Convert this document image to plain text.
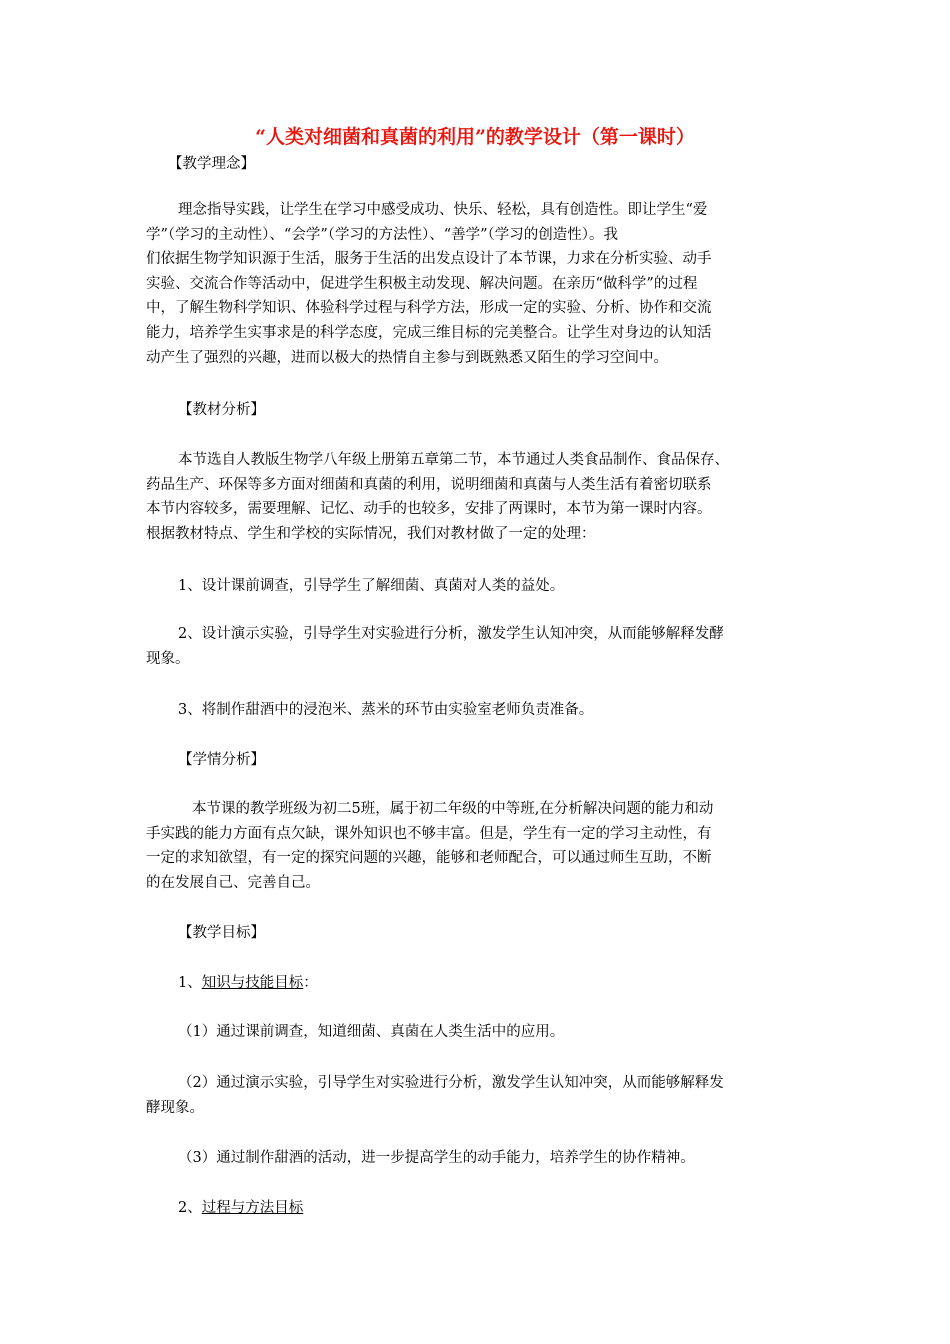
“人类对细菌和真菌的利用”的教学设计（第一课时）
【教学理念】
理念指导实践，让学生在学习中感受成功、快乐、轻松，具有创造性。即让学生“爱
学”（学习的主动性）、“会学”（学习的方法性）、“善学”（学习的创造性）。我
们依据生物学知识源于生活，服务于生活的出发点设计了本节课，力求在分析实验、动手
实验、交流合作等活动中，促进学生积极主动发现、解决问题。在亲历“做科学”的过程
中，了解生物科学知识、体验科学过程与科学方法，形成一定的实验、分析、协作和交流
能力，培养学生实事求是的科学态度，完成三维目标的完美整合。让学生对身边的认知活
动产生了强烈的兴趣，进而以极大的热情自主参与到既熟悉又陌生的学习空间中。
【教材分析】
本节选自人教版生物学八年级上册第五章第二节，本节通过人类食品制作、食品保存、
药品生产、环保等多方面对细菌和真菌的利用，说明细菌和真菌与人类生活有着密切联系
本节内容较多，需要理解、记忆、动手的也较多，安排了两课时，本节为第一课时内容。
根据教材特点、学生和学校的实际情况，我们对教材做了一定的处理：
1、设计课前调查，引导学生了解细菌、真菌对人类的益处。
2、设计演示实验，引导学生对实验进行分析，激发学生认知冲突，从而能够解释发酵
现象。
3、将制作甜酒中的浸泡米、蒸米的环节由实验室老师负责准备。
【学情分析】
本节课的教学班级为初二5班，属于初二年级的中等班,在分析解决问题的能力和动
手实践的能力方面有点欠缺，课外知识也不够丰富。但是，学生有一定的学习主动性，有
一定的求知欲望，有一定的探究问题的兴趣，能够和老师配合，可以通过师生互助，不断
的在发展自己、完善自己。
【教学目标】
1、知识与技能目标：
（1）通过课前调查，知道细菌、真菌在人类生活中的应用。
（2）通过演示实验，引导学生对实验进行分析，激发学生认知冲突，从而能够解释发
酵现象。
（3）通过制作甜酒的活动，进一步提高学生的动手能力，培养学生的协作精神。
2、过程与方法目标
